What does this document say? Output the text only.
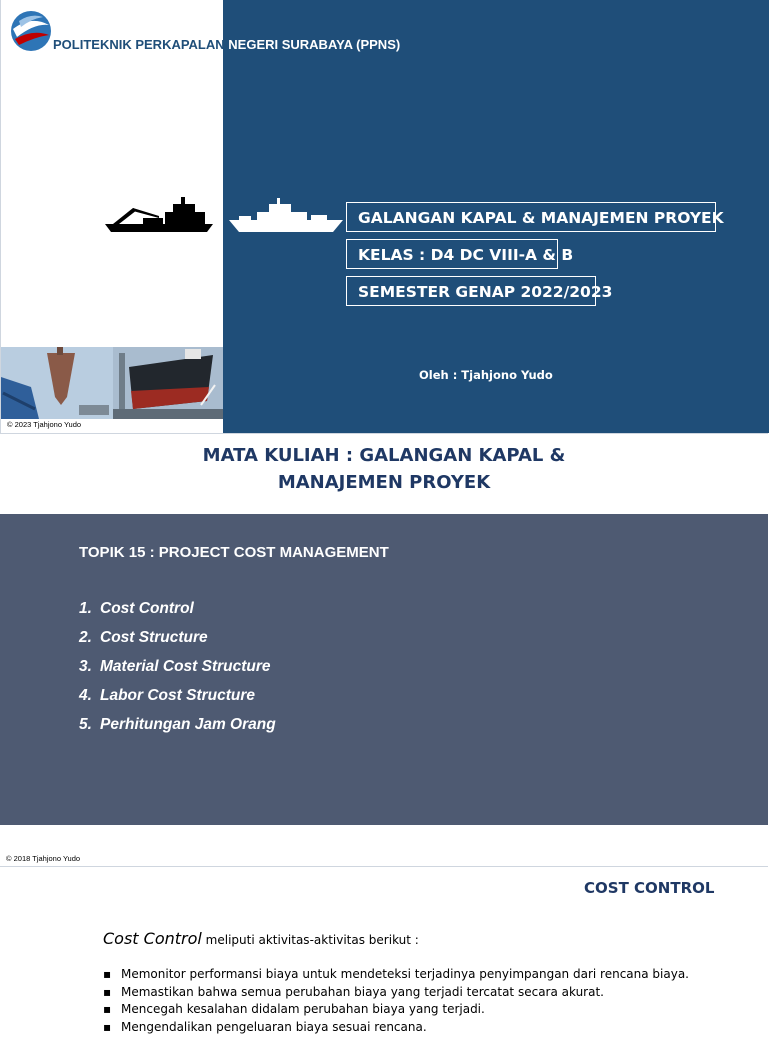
POLITEKNIK PERKAPALAN NEGERI SURABAYA (PPNS)
GALANGAN KAPAL & MANAJEMEN PROYEK
KELAS : D4 DC VIII-A & B
SEMESTER GENAP 2022/2023
Oleh : Tjahjono Yudo
© 2023 Tjahjono Yudo
MATA KULIAH : GALANGAN KAPAL &
MANAJEMEN PROYEK
TOPIK 15 : PROJECT COST MANAGEMENT
1. Cost Control
2. Cost Structure
3. Material Cost Structure
4. Labor Cost Structure
5. Perhitungan Jam Orang
© 2018 Tjahjono Yudo
COST CONTROL
Cost Control meliputi aktivitas-aktivitas berikut :
▪ Memonitor performansi biaya untuk mendeteksi terjadinya penyimpangan dari rencana biaya.
▪ Memastikan bahwa semua perubahan biaya yang terjadi tercatat secara akurat.
▪ Mencegah kesalahan didalam perubahan biaya yang terjadi.
▪ Mengendalikan pengeluaran biaya sesuai rencana.
